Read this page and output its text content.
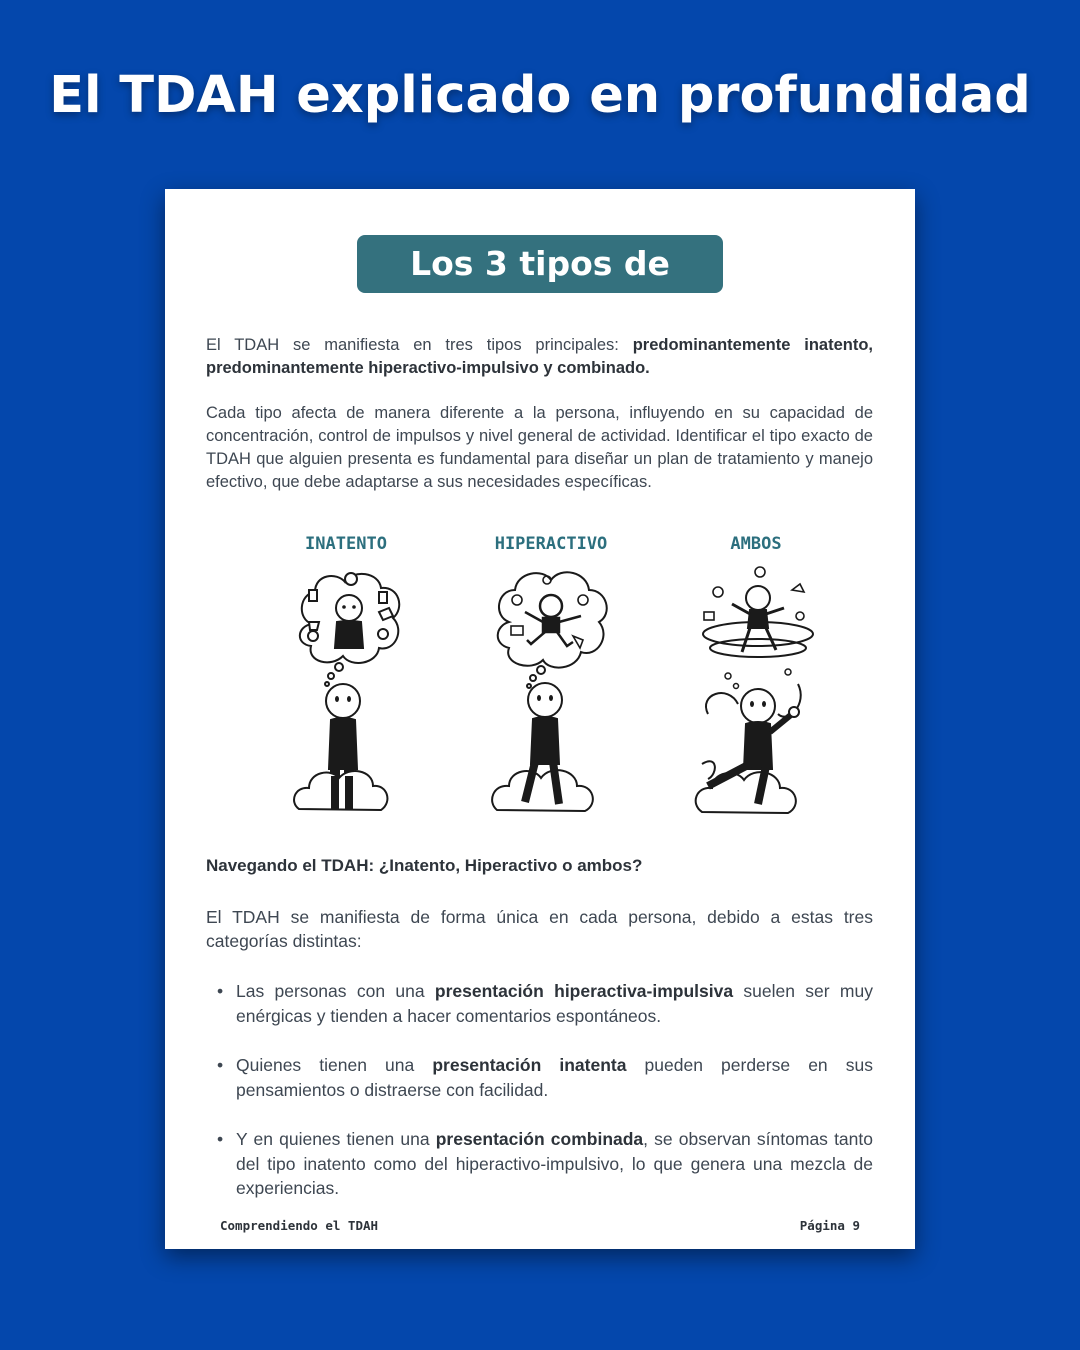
El TDAH explicado en profundidad
Los 3 tipos de TDAH

El TDAH se manifiesta en tres tipos principales: predominantemente inatento, predominantemente hiperactivo-impulsivo y combinado.

Cada tipo afecta de manera diferente a la persona, influyendo en su capacidad de concentración, control de impulsos y nivel general de actividad. Identificar el tipo exacto de TDAH que alguien presenta es fundamental para diseñar un plan de tratamiento y manejo efectivo, que debe adaptarse a sus necesidades específicas.

INATENTO	HIPERACTIVO	AMBOS
Navegando el TDAH: ¿Inatento, Hiperactivo o ambos?

El TDAH se manifiesta de forma única en cada persona, debido a estas tres categorías distintas:

• Las personas con una presentación hiperactiva-impulsiva suelen ser muy enérgicas y tienden a hacer comentarios espontáneos.
• Quienes tienen una presentación inatenta pueden perderse en sus pensamientos o distraerse con facilidad.
• Y en quienes tienen una presentación combinada, se observan síntomas tanto del tipo inatento como del hiperactivo-impulsivo, lo que genera una mezcla de experiencias.
Comprendiendo el TDAH	Página 9
